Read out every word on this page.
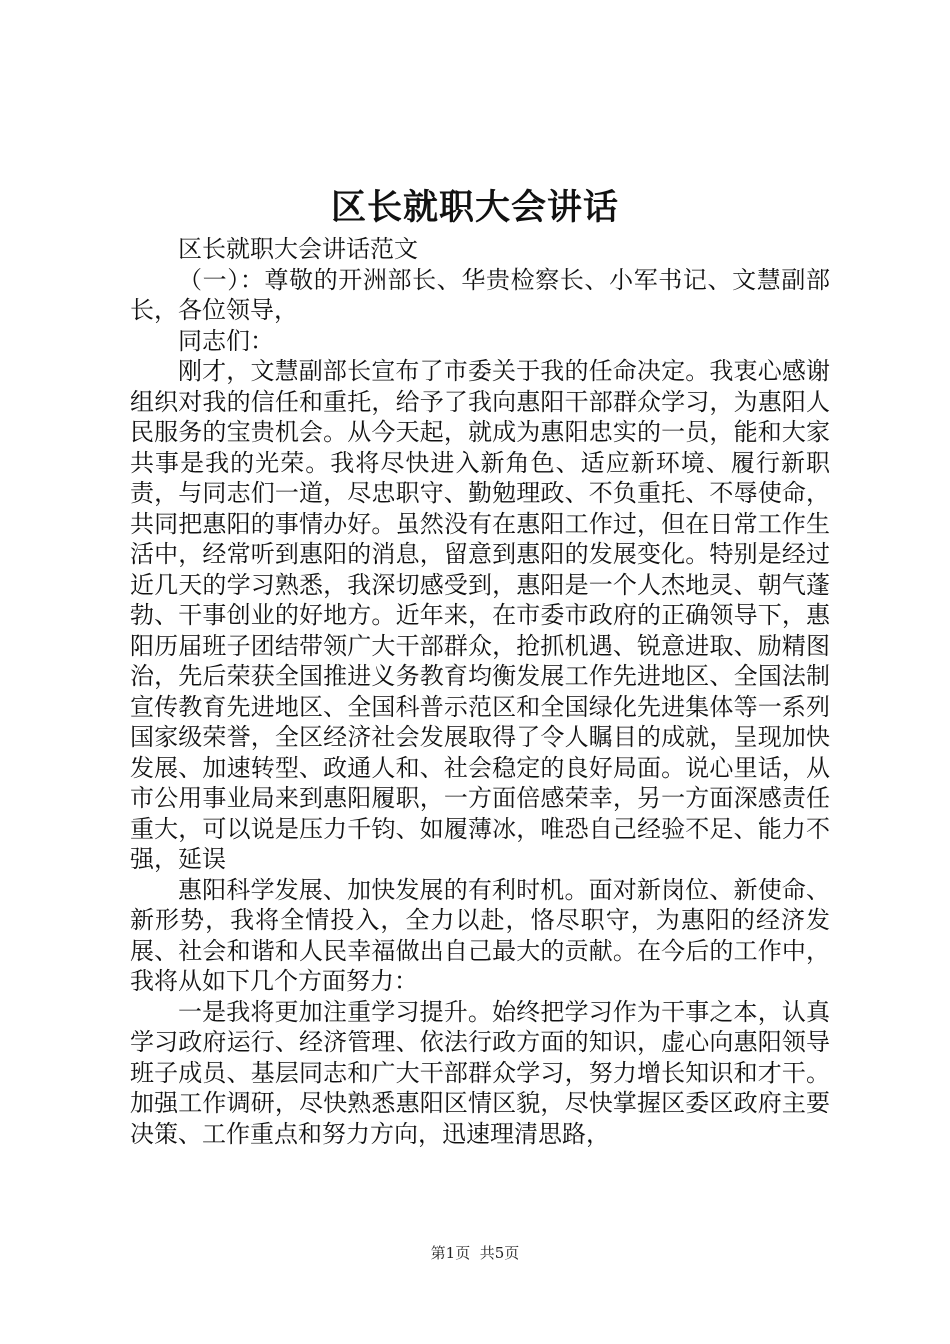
区长就职大会讲话

区长就职大会讲话范文

（一）：尊敬的开洲部长、华贵检察长、小军书记、文慧副部长，各位领导，

同志们：

刚才，文慧副部长宣布了市委关于我的任命决定。我衷心感谢组织对我的信任和重托，给予了我向惠阳干部群众学习，为惠阳人民服务的宝贵机会。从今天起，就成为惠阳忠实的一员，能和大家共事是我的光荣。我将尽快进入新角色、适应新环境、履行新职责，与同志们一道，尽忠职守、勤勉理政、不负重托、不辱使命，共同把惠阳的事情办好。虽然没有在惠阳工作过，但在日常工作生活中，经常听到惠阳的消息，留意到惠阳的发展变化。特别是经过近几天的学习熟悉，我深切感受到，惠阳是一个人杰地灵、朝气蓬勃、干事创业的好地方。近年来，在市委市政府的正确领导下，惠阳历届班子团结带领广大干部群众，抢抓机遇、锐意进取、励精图治，先后荣获全国推进义务教育均衡发展工作先进地区、全国法制宣传教育先进地区、全国科普示范区和全国绿化先进集体等一系列国家级荣誉，全区经济社会发展取得了令人瞩目的成就，呈现加快发展、加速转型、政通人和、社会稳定的良好局面。说心里话，从市公用事业局来到惠阳履职，一方面倍感荣幸，另一方面深感责任重大，可以说是压力千钧、如履薄冰，唯恐自己经验不足、能力不强，延误

惠阳科学发展、加快发展的有利时机。面对新岗位、新使命、新形势，我将全情投入，全力以赴，恪尽职守，为惠阳的经济发展、社会和谐和人民幸福做出自己最大的贡献。在今后的工作中，我将从如下几个方面努力：

一是我将更加注重学习提升。始终把学习作为干事之本，认真学习政府运行、经济管理、依法行政方面的知识，虚心向惠阳领导班子成员、基层同志和广大干部群众学习，努力增长知识和才干。加强工作调研，尽快熟悉惠阳区情区貌，尽快掌握区委区政府主要决策、工作重点和努力方向，迅速理清思路，

第1页 共5页
